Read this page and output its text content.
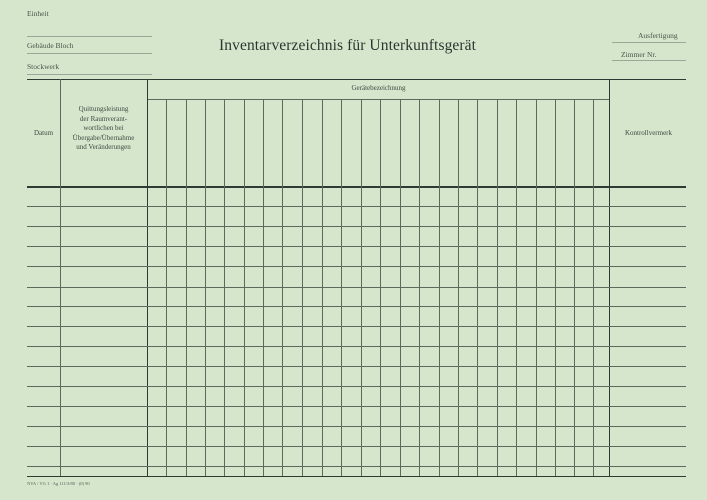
Einheit
Gebäude Bloch
Stockwerk
Inventarverzeichnis für Unterkunftsgerät
Ausfertigung
Zimmer Nr.
Datum
Quittungsleistung
der Raumverant-
wortlichen bei
Übergabe/Übernahme
und Veränderungen
Gerätebezeichnung
Kontrollvermerk
NVA / VG 1 · Ag 111/3/80 · (0) 90
